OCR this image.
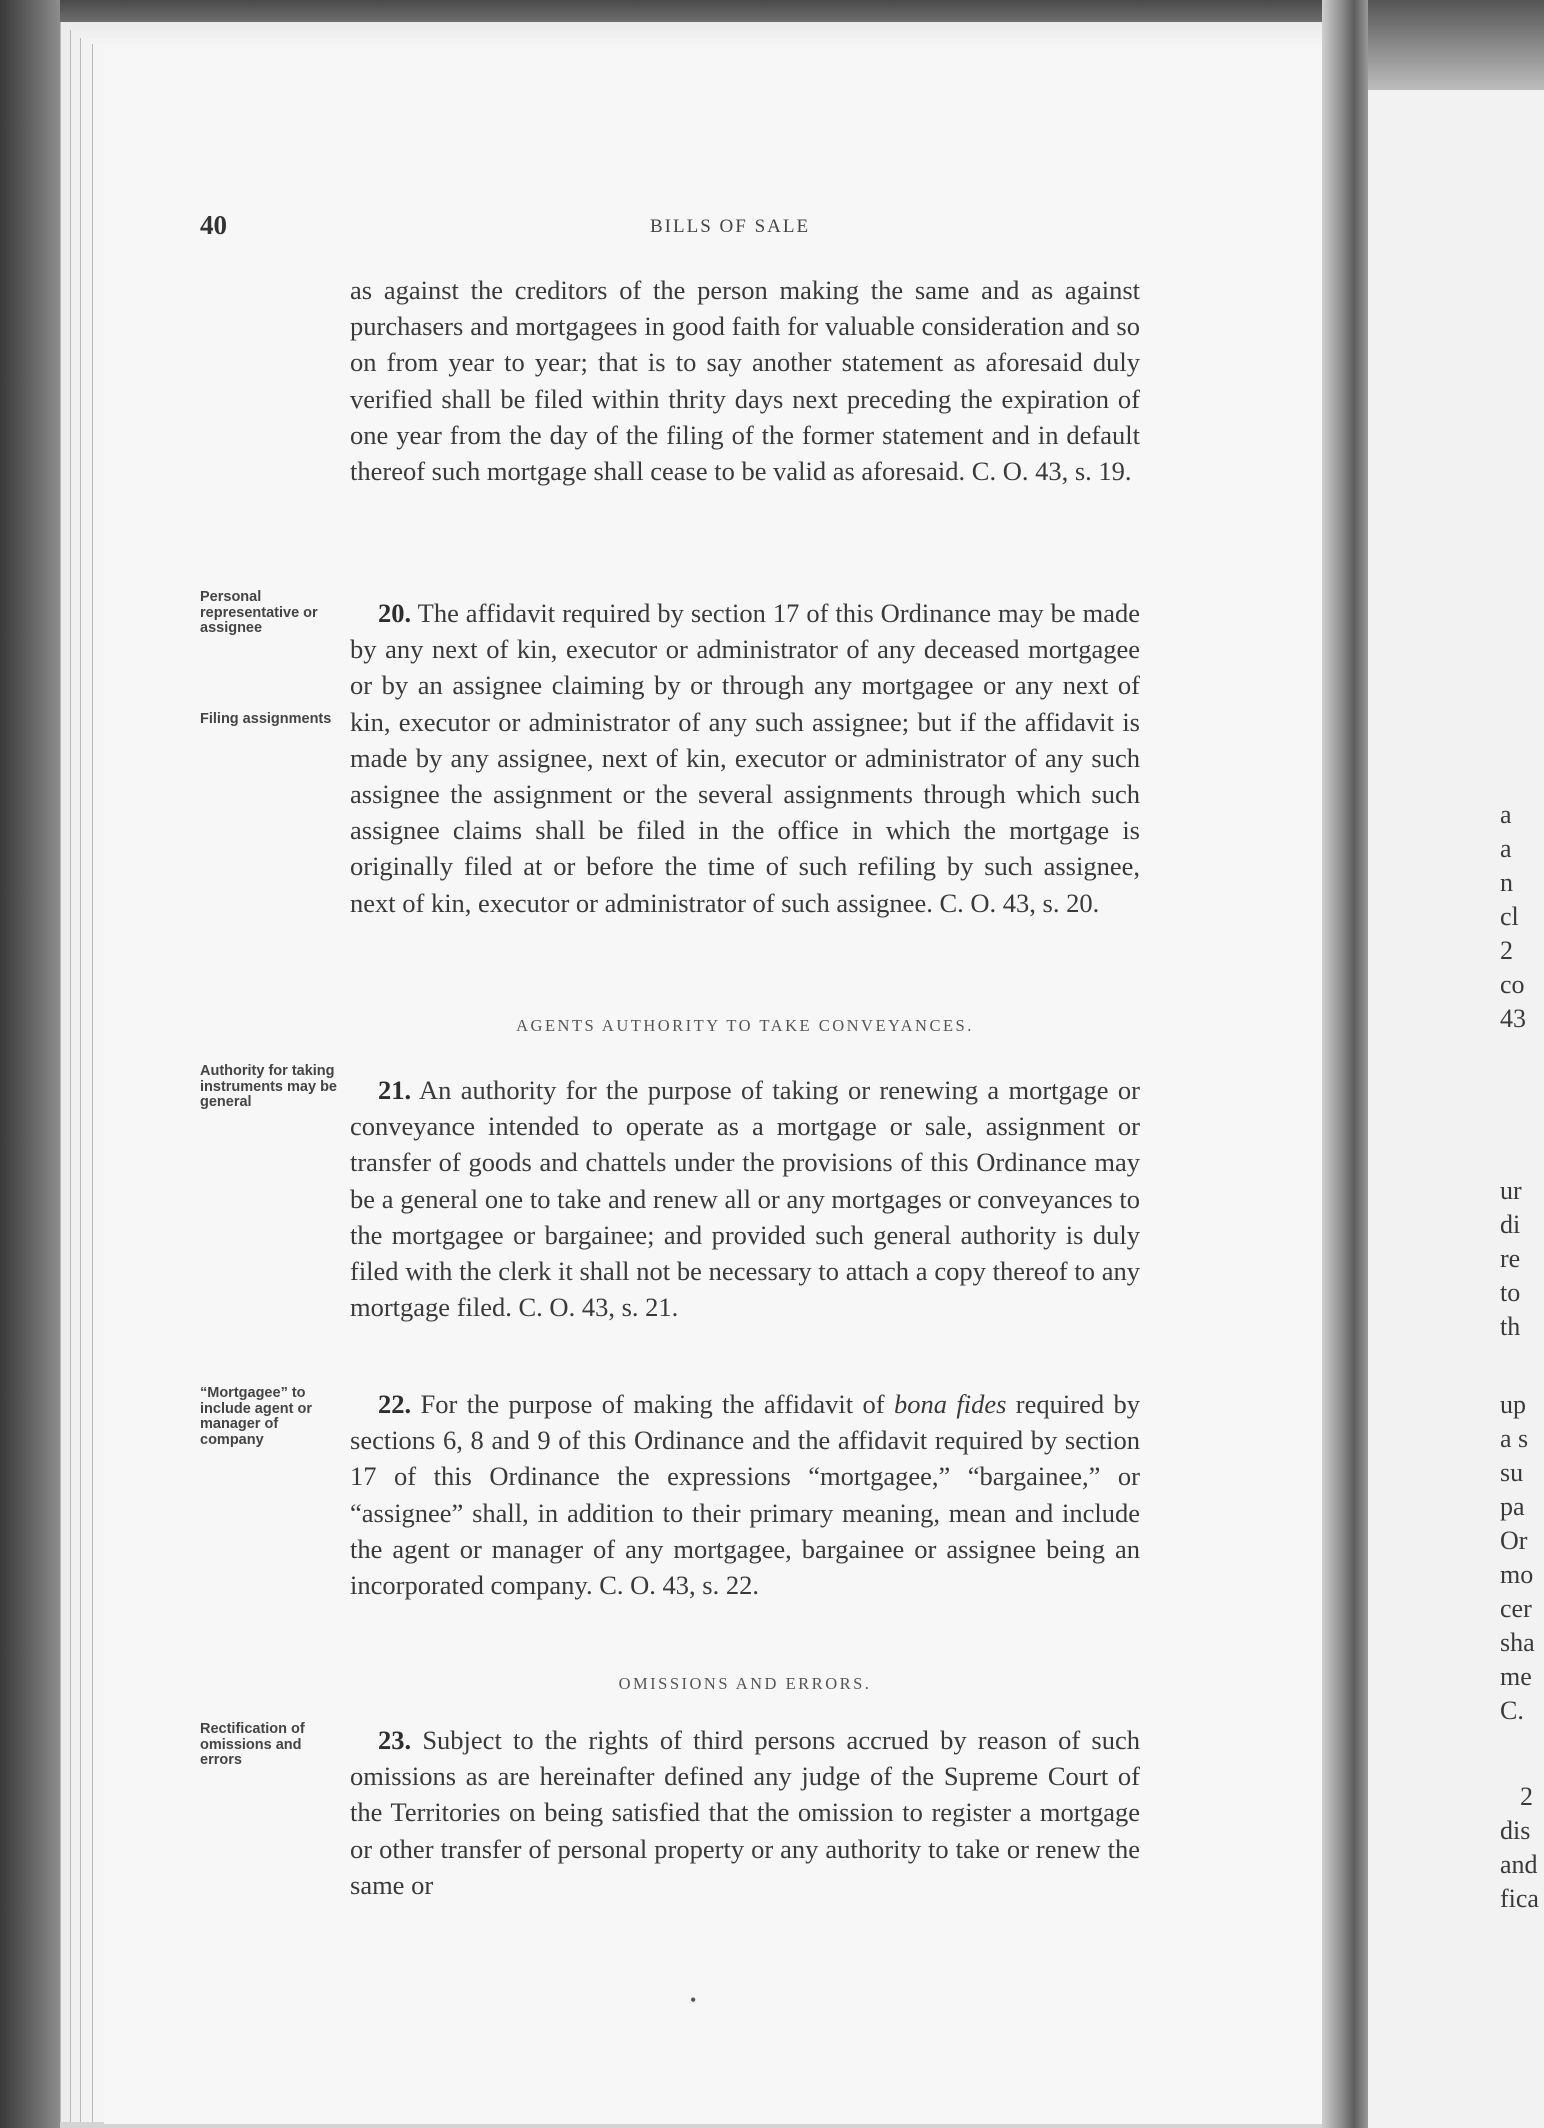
40	BILLS OF SALE
as against the creditors of the person making the same and as against purchasers and mortgagees in good faith for valuable consideration and so on from year to year; that is to say another statement as aforesaid duly verified shall be filed within thrity days next preceding the expiration of one year from the day of the filing of the former statement and in default thereof such mortgage shall cease to be valid as aforesaid. C. O. 43, s. 19.
Personal representative or assignee
Filing assignments
20. The affidavit required by section 17 of this Ordinance may be made by any next of kin, executor or administrator of any deceased mortgagee or by an assignee claiming by or through any mortgagee or any next of kin, executor or administrator of any such assignee; but if the affidavit is made by any assignee, next of kin, executor or administrator of any such assignee the assignment or the several assignments through which such assignee claims shall be filed in the office in which the mortgage is originally filed at or before the time of such refiling by such assignee, next of kin, executor or administrator of such assignee. C. O. 43, s. 20.
AGENTS AUTHORITY TO TAKE CONVEYANCES.
Authority for taking instruments may be general	21. An authority for the purpose of taking or renewing a mortgage or conveyance intended to operate as a mortgage or sale, assignment or transfer of goods and chattels under the provisions of this Ordinance may be a general one to take and renew all or any mortgages or conveyances to the mortgagee or bargainee; and provided such general authority is duly filed with the clerk it shall not be necessary to attach a copy thereof to any mortgage filed. C. O. 43, s. 21.
“Mortgagee” to include agent or manager of company
22. For the purpose of making the affidavit of bona fides required by sections 6, 8 and 9 of this Ordinance and the affidavit required by section 17 of this Ordinance the expressions “mortgagee,” “bargainee,” or “assignee” shall, in addition to their primary meaning, mean and include the agent or manager of any mortgagee, bargainee or assignee being an incorporated company. C. O. 43, s. 22.
OMISSIONS AND ERRORS.
Rectification of omissions and errors
23. Subject to the rights of third persons accrued by reason of such omissions as are hereinafter defined any judge of the Supreme Court of the Territories on being satisfied that the omission to register a mortgage or other transfer of personal property or any authority to take or renew the same or
•
a
a
n
cl
2
co
43
ur
di
re
to
th
up
a s
su
pa
Or
mo
cer
sha
me
C.
2
dis
and
fica
